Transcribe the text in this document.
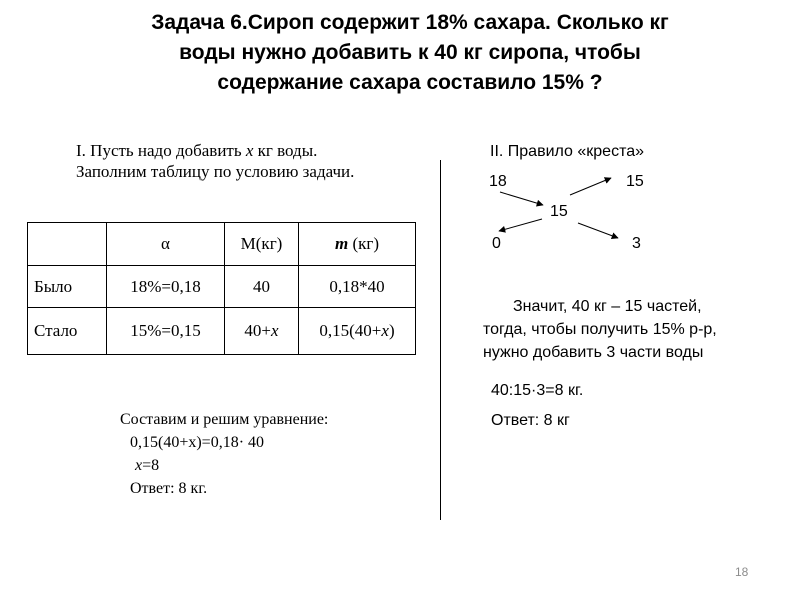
Задача 6.Сироп содержит 18% сахара. Сколько кг
воды нужно добавить к 40 кг сиропа, чтобы
содержание сахара составило 15% ?
I. Пусть надо добавить x кг воды.
Заполним таблицу по условию задачи.
	α	M(кг)	m (кг)
Было	18%=0,18	40	0,18*40
Стало	15%=0,15	40+x	0,15(40+x)
Составим и решим уравнение:
0,15(40+x)=0,18· 40
x=8
Ответ: 8 кг.
II. Правило «креста»
18	15
15
0	3
Значит, 40 кг – 15 частей,
тогда, чтобы получить 15% р-р,
нужно добавить 3 части воды
40:15·3=8 кг.
Ответ: 8 кг
18
